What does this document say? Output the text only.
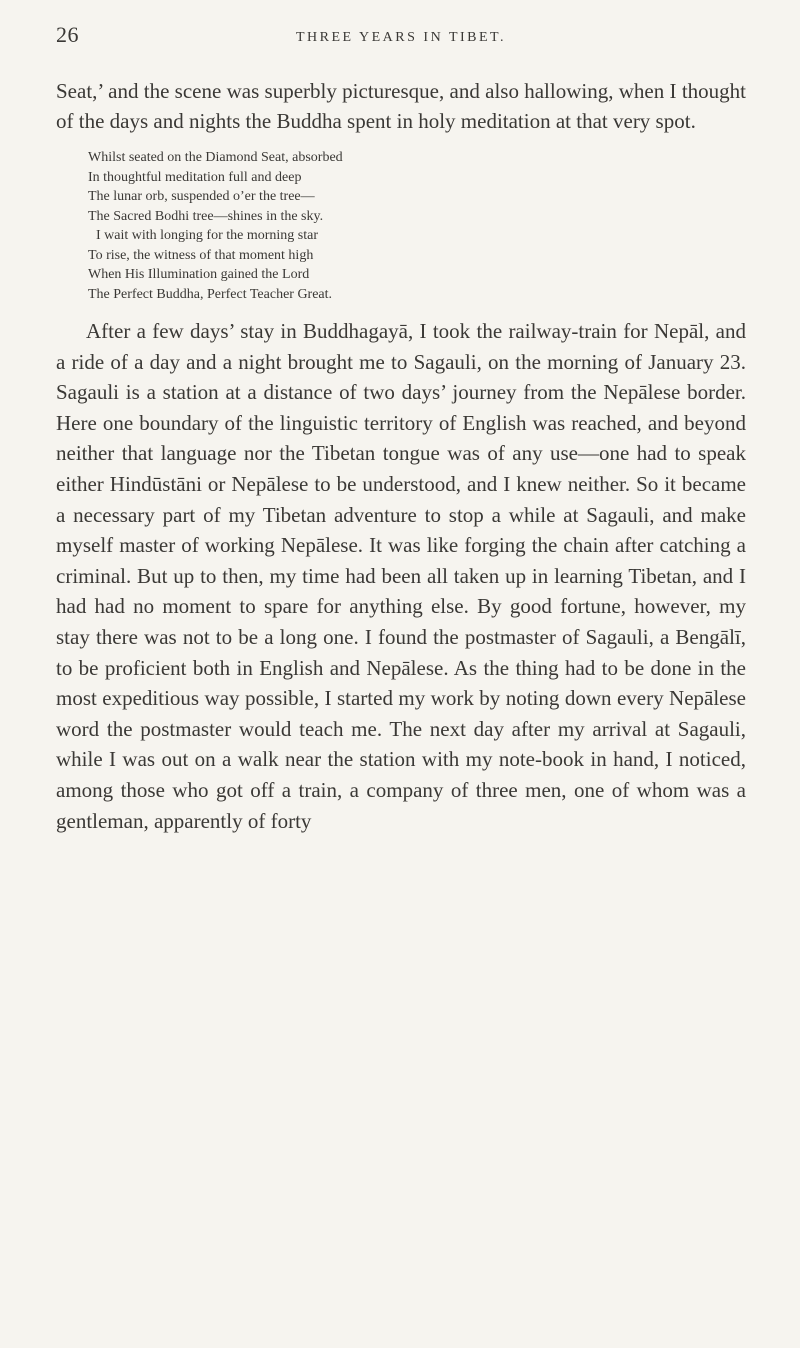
26	THREE YEARS IN TIBET.

Seat,’ and the scene was superbly picturesque, and also hallowing, when I thought of the days and nights the Buddha spent in holy meditation at that very spot.

Whilst seated on the Diamond Seat, absorbed
In thoughtful meditation full and deep
The lunar orb, suspended o’er the tree—
The Sacred Bodhi tree—shines in the sky.
I wait with longing for the morning star
To rise, the witness of that moment high
When His Illumination gained the Lord
The Perfect Buddha, Perfect Teacher Great.

After a few days’ stay in Buddhagayā, I took the railway-train for Nepāl, and a ride of a day and a night brought me to Sagauli, on the morning of January 23. Sagauli is a station at a distance of two days’ journey from the Nepālese border. Here one boundary of the linguistic territory of English was reached, and beyond neither that language nor the Tibetan tongue was of any use—one had to speak either Hindūstāni or Nepālese to be understood, and I knew neither. So it became a necessary part of my Tibetan adventure to stop a while at Sagauli, and make myself master of working Nepālese. It was like forging the chain after catching a criminal. But up to then, my time had been all taken up in learning Tibetan, and I had had no moment to spare for anything else. By good fortune, however, my stay there was not to be a long one. I found the postmaster of Sagauli, a Bengālī, to be proficient both in English and Nepālese. As the thing had to be done in the most expeditious way possible, I started my work by noting down every Nepālese word the postmaster would teach me. The next day after my arrival at Sagauli, while I was out on a walk near the station with my note-book in hand, I noticed, among those who got off a train, a company of three men, one of whom was a gentleman, apparently of forty
